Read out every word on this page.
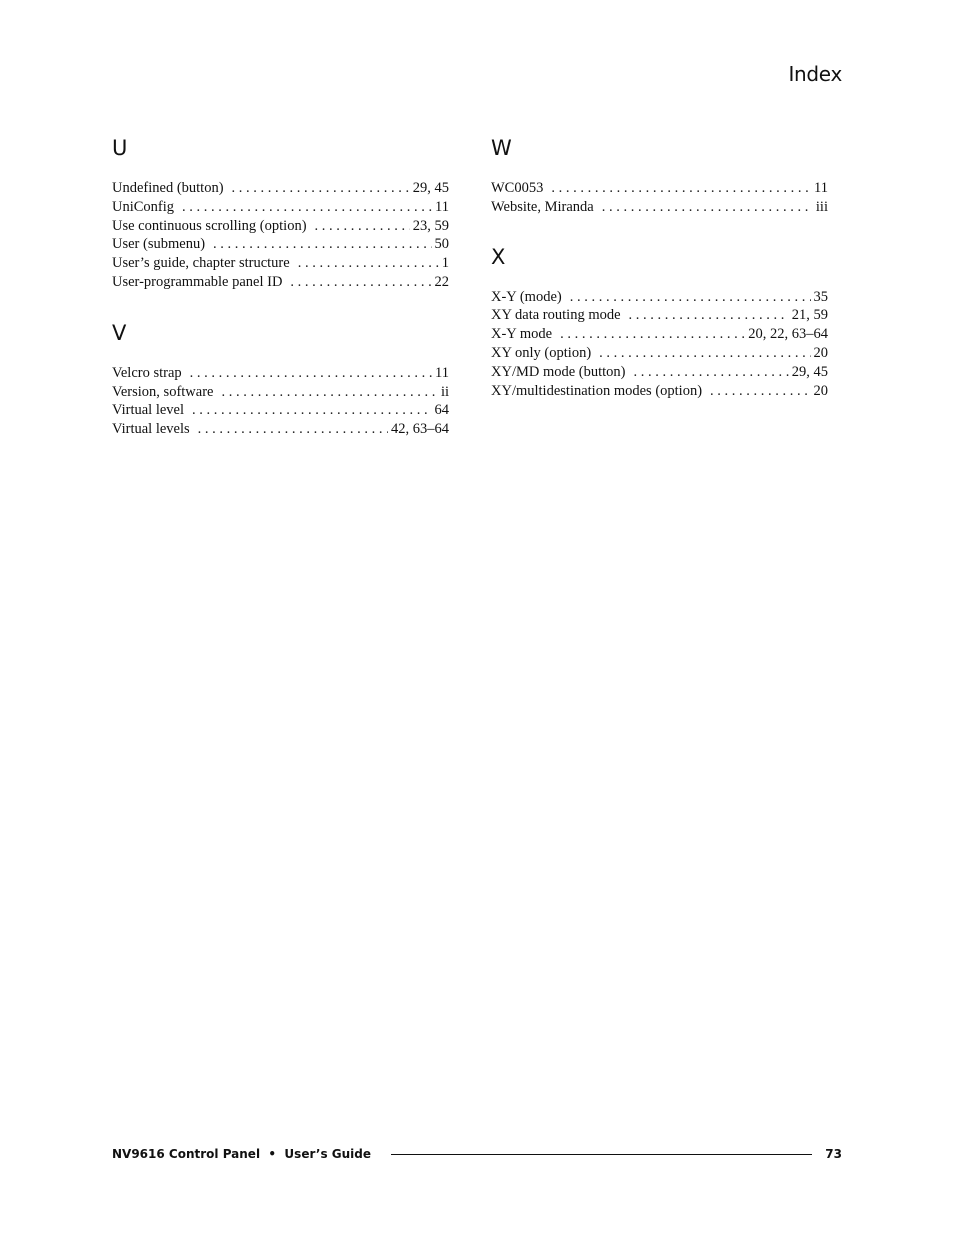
Index
U
Undefined (button) . . .	29, 45
UniConfig . . .	11
Use continuous scrolling (option) . . .	23, 59
User (submenu) . . .	50
User’s guide, chapter structure . . .	1
User-programmable panel ID . . .	22
V
Velcro strap . . .	11
Version, software . . .	ii
Virtual level . . .	64
Virtual levels . . .	42, 63–64
W
WC0053 . . .	11
Website, Miranda . . .	iii
X
X-Y (mode) . . .	35
XY data routing mode . . .	21, 59
X-Y mode . . .	20, 22, 63–64
XY only (option) . . .	20
XY/MD mode (button) . . .	29, 45
XY/multidestination modes (option) . . .	20
NV9616 Control Panel  •  User’s Guide	73
